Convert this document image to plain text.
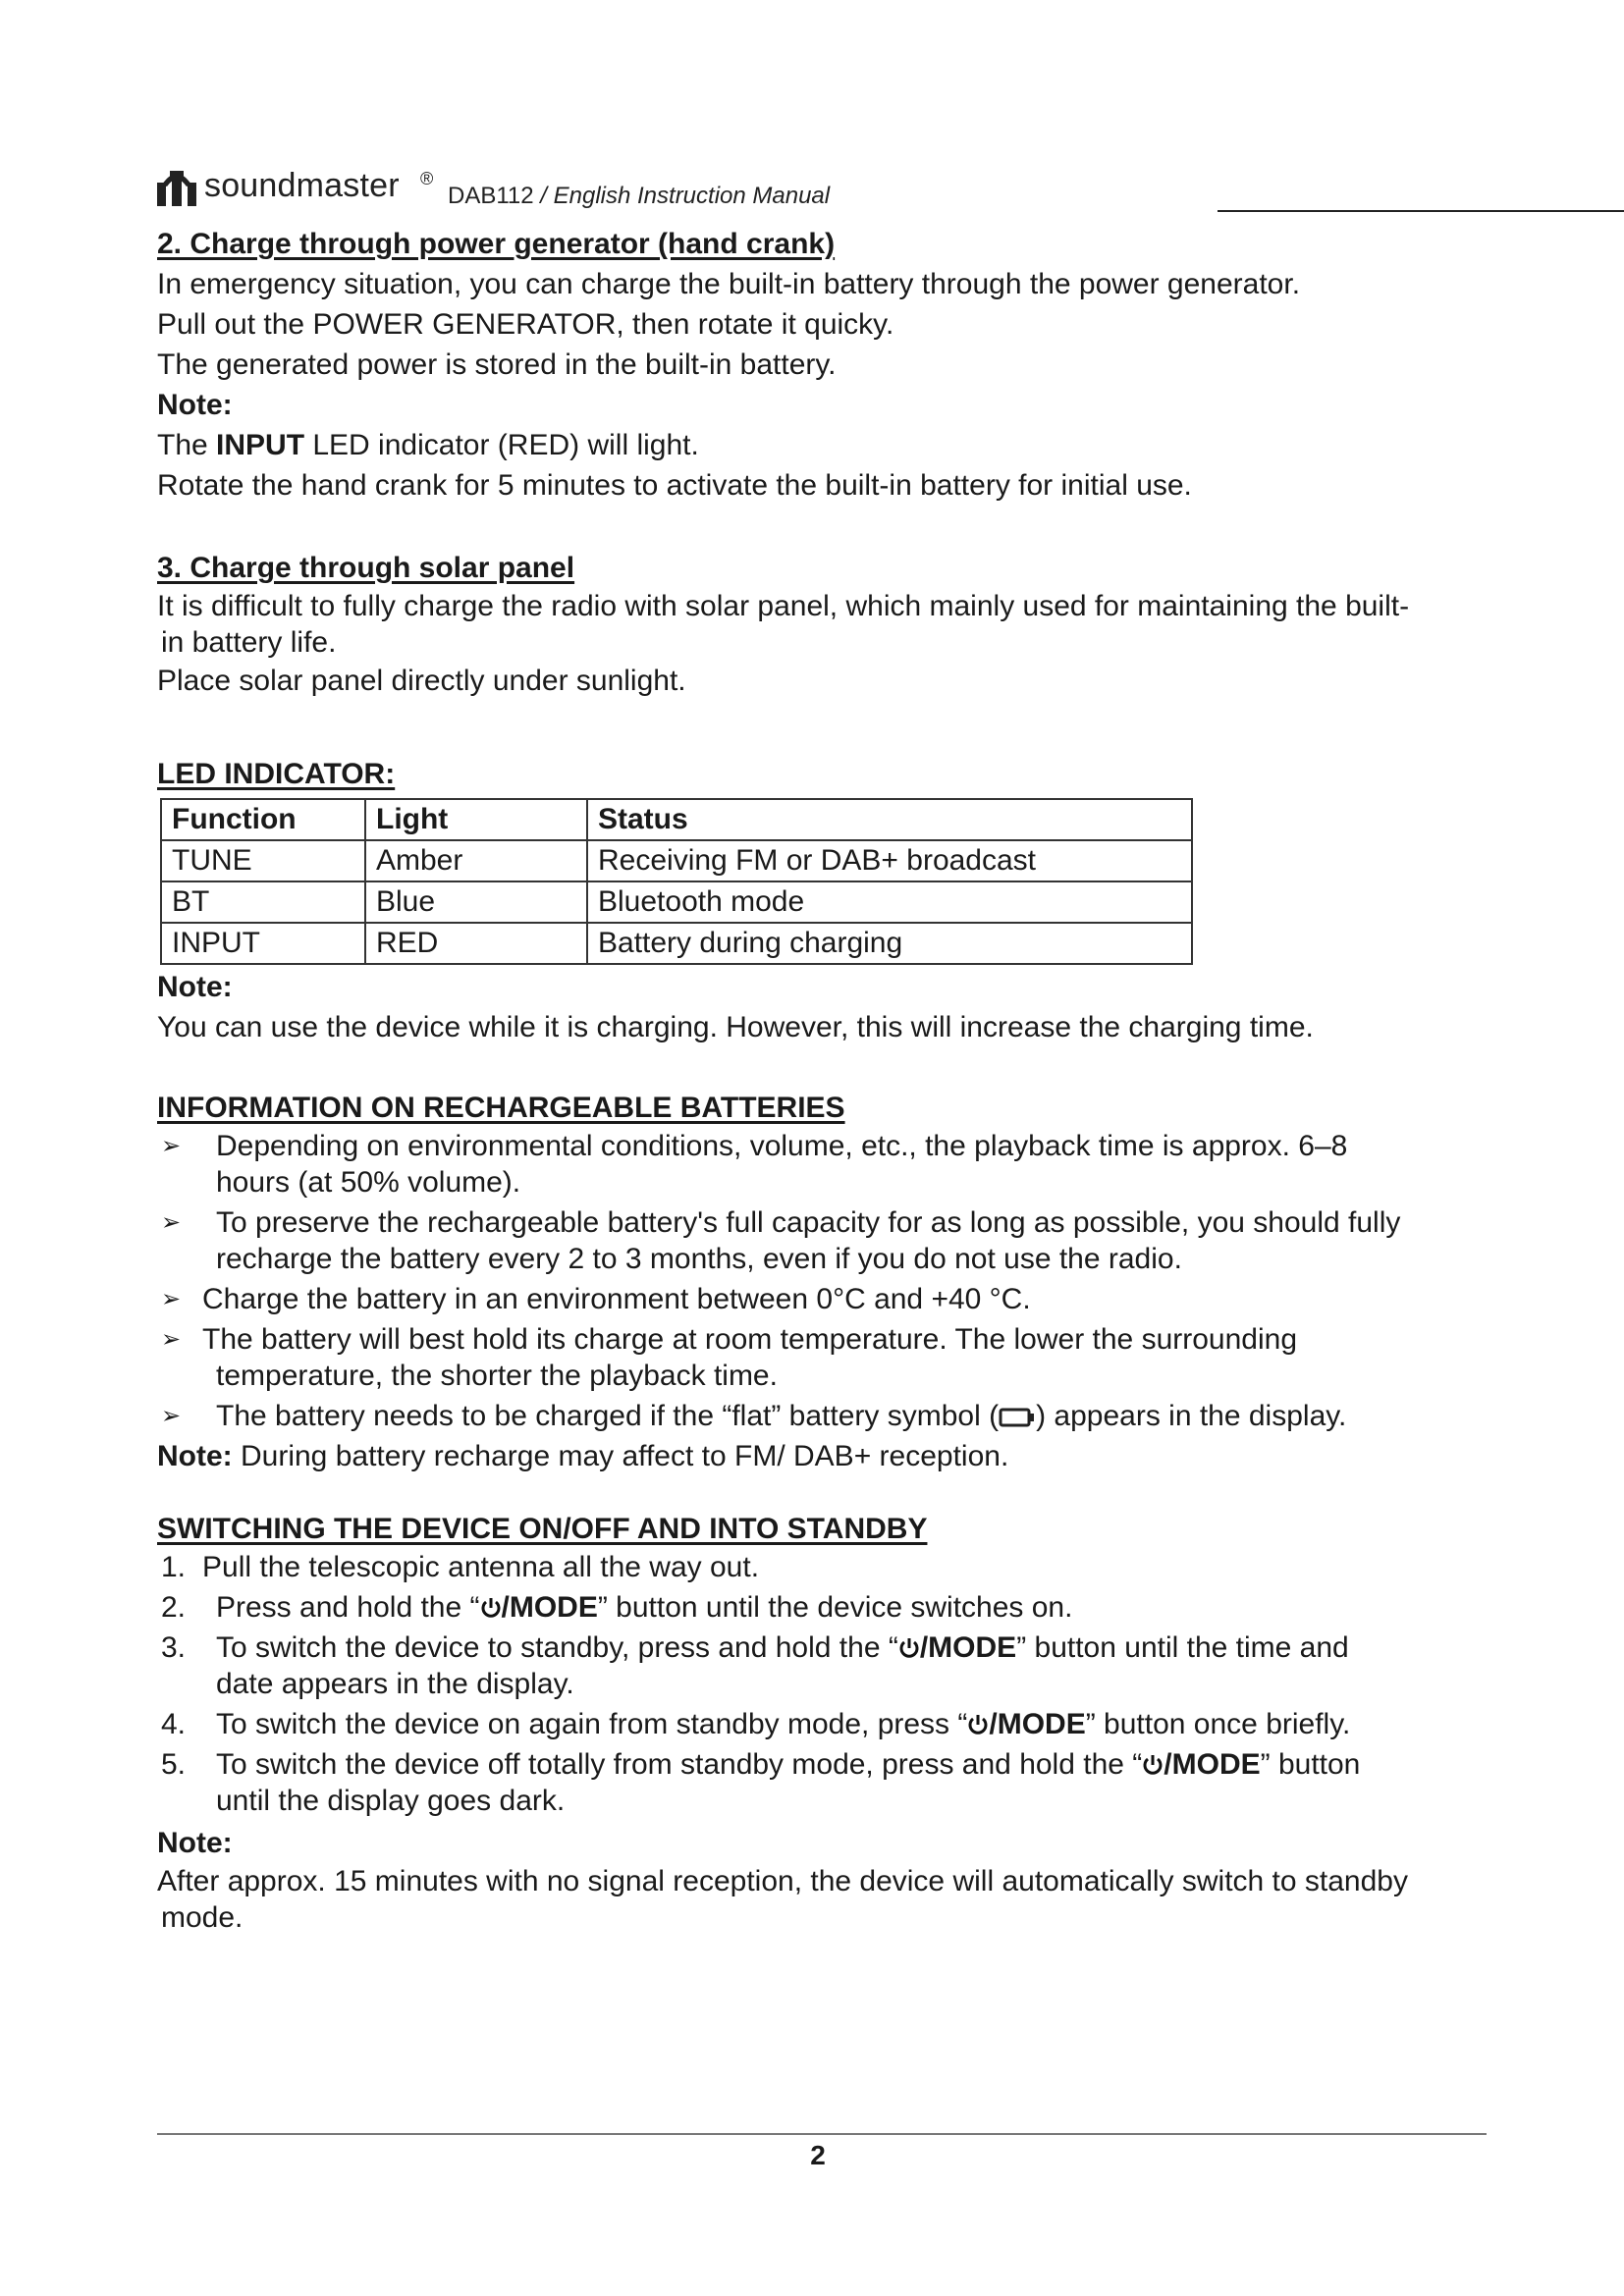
soundmaster ®
DAB112 / English Instruction Manual
2. Charge through power generator (hand crank)
In emergency situation, you can charge the built-in battery through the power generator.
Pull out the POWER GENERATOR, then rotate it quicky.
The generated power is stored in the built-in battery.
Note:
The INPUT LED indicator (RED) will light.
Rotate the hand crank for 5 minutes to activate the built-in battery for initial use.
3. Charge through solar panel
It is difficult to fully charge the radio with solar panel, which mainly used for maintaining the built-
in battery life.
Place solar panel directly under sunlight.
LED INDICATOR:
Function	Light	Status
TUNE	Amber	Receiving FM or DAB+ broadcast
BT	Blue	Bluetooth mode
INPUT	RED	Battery during charging
Note:
You can use the device while it is charging. However, this will increase the charging time.
INFORMATION ON RECHARGEABLE BATTERIES
➢	Depending on environmental conditions, volume, etc., the playback time is approx. 6–8
hours (at 50% volume).
➢	To preserve the rechargeable battery's full capacity for as long as possible, you should fully
recharge the battery every 2 to 3 months, even if you do not use the radio.
➢ Charge the battery in an environment between 0°C and +40 °C.
➢ The battery will best hold its charge at room temperature. The lower the surrounding
temperature, the shorter the playback time.
➢	The battery needs to be charged if the “flat” battery symbol ( ) appears in the display.
Note: During battery recharge may affect to FM/ DAB+ reception.
SWITCHING THE DEVICE ON/OFF AND INTO STANDBY
1. Pull the telescopic antenna all the way out.
2.	Press and hold the “ /MODE” button until the device switches on.
3.	To switch the device to standby, press and hold the “ /MODE” button until the time and
date appears in the display.
4.	To switch the device on again from standby mode, press “ /MODE” button once briefly.
5.	To switch the device off totally from standby mode, press and hold the “ /MODE” button
until the display goes dark.
Note:
After approx. 15 minutes with no signal reception, the device will automatically switch to standby
mode.
2
